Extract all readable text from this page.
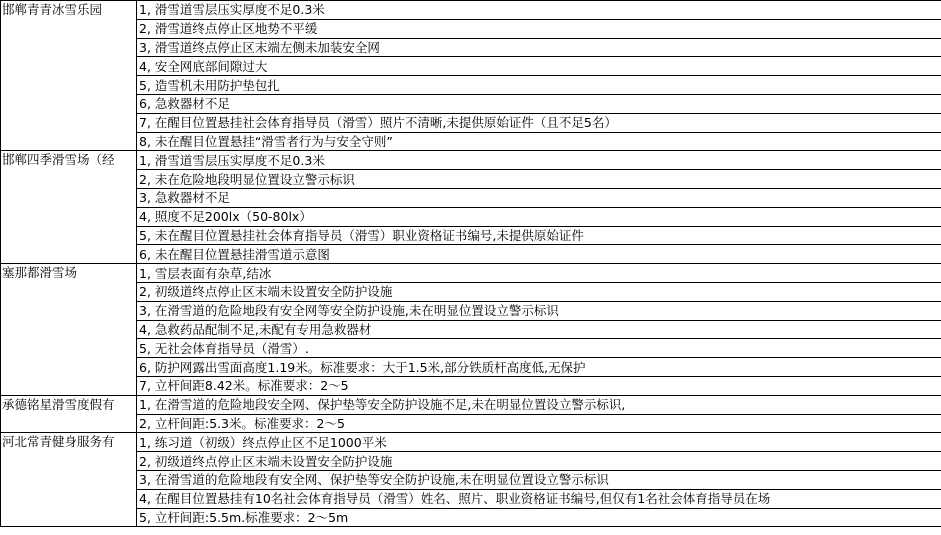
邯郸青青冰雪乐园	1, 滑雪道雪层压实厚度不足0.3米
	2, 滑雪道终点停止区地势不平缓
	3, 滑雪道终点停止区末端左侧未加装安全网
	4, 安全网底部间隙过大
	5, 造雪机未用防护垫包扎
	6, 急救器材不足
	7, 在醒目位置悬挂社会体育指导员（滑雪）照片不清晰,未提供原始证件（且不足5名）
	8, 未在醒目位置悬挂“滑雪者行为与安全守则”
邯郸四季滑雪场（经	1, 滑雪道雪层压实厚度不足0.3米
	2, 未在危险地段明显位置设立警示标识
	3, 急救器材不足
	4, 照度不足200lx（50-80lx）
	5, 未在醒目位置悬挂社会体育指导员（滑雪）职业资格证书编号,未提供原始证件
	6, 未在醒目位置悬挂滑雪道示意图
塞那都滑雪场	1, 雪层表面有杂草,结冰
	2, 初级道终点停止区末端未设置安全防护设施
	3, 在滑雪道的危险地段有安全网等安全防护设施,未在明显位置设立警示标识
	4, 急救药品配制不足,未配有专用急救器材
	5, 无社会体育指导员（滑雪）.
	6, 防护网露出雪面高度1.19米。标准要求：大于1.5米,部分铁质杆高度低,无保护
	7, 立杆间距8.42米。标准要求：2～5
承德铭星滑雪度假有	1, 在滑雪道的危险地段安全网、保护垫等安全防护设施不足,未在明显位置设立警示标识,
	2, 立杆间距:5.3米。标准要求：2～5
河北常青健身服务有	1, 练习道（初级）终点停止区不足1000平米
	2, 初级道终点停止区末端未设置安全防护设施
	3, 在滑雪道的危险地段有安全网、保护垫等安全防护设施,未在明显位置设立警示标识
	4, 在醒目位置悬挂有10名社会体育指导员（滑雪）姓名、照片、职业资格证书编号,但仅有1名社会体育指导员在场
	5, 立杆间距:5.5m.标准要求：2～5m
